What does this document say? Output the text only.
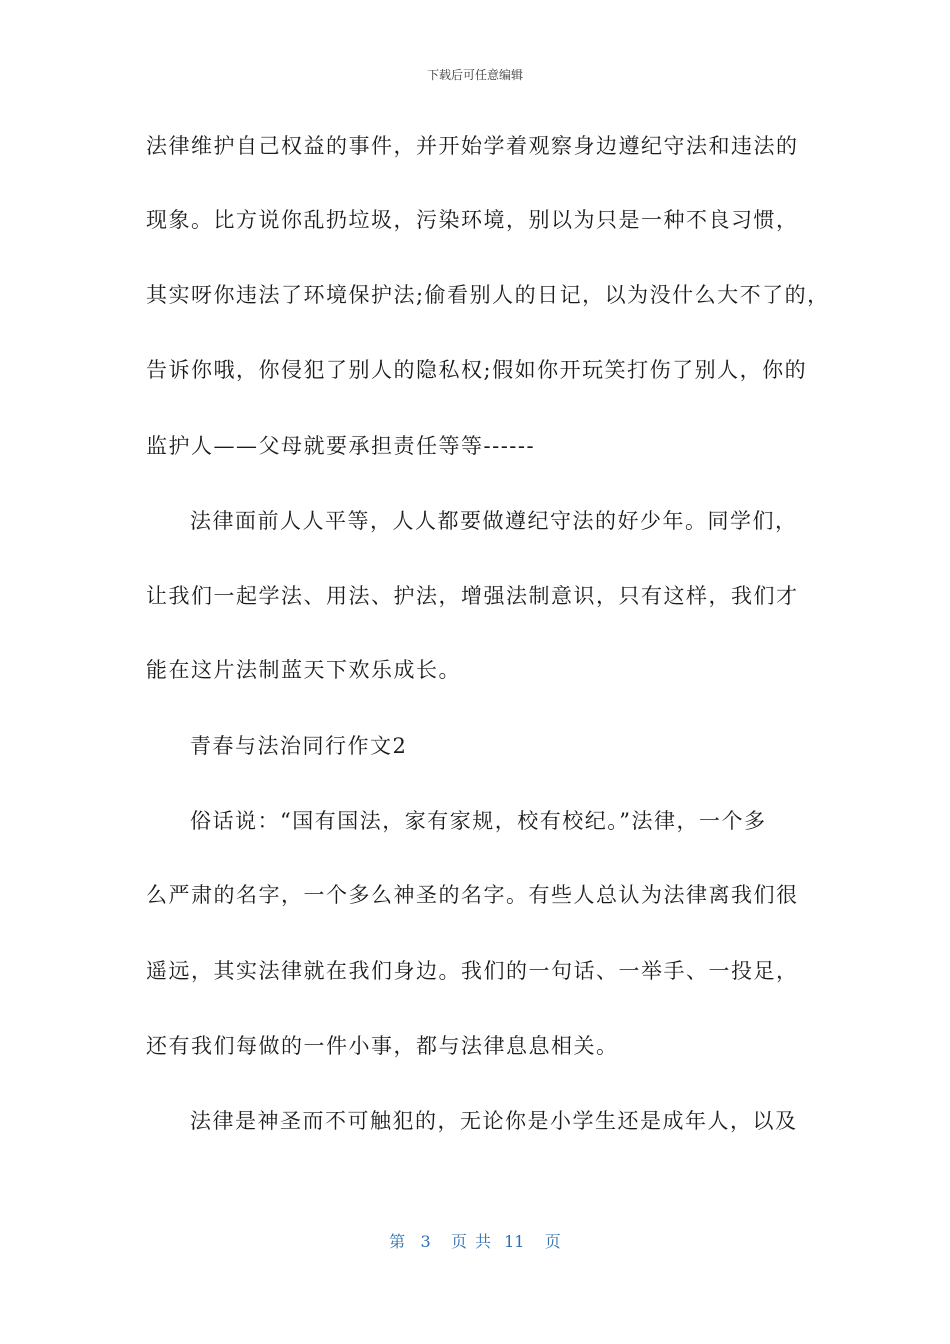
下载后可任意编辑
法律维护自己权益的事件，并开始学着观察身边遵纪守法和违法的
现象。比方说你乱扔垃圾，污染环境，别以为只是一种不良习惯，
其实呀你违法了环境保护法;偷看别人的日记，以为没什么大不了的，
告诉你哦，你侵犯了别人的隐私权;假如你开玩笑打伤了别人，你的
监护人——父母就要承担责任等等------
法律面前人人平等，人人都要做遵纪守法的好少年。同学们，
让我们一起学法、用法、护法，增强法制意识，只有这样，我们才
能在这片法制蓝天下欢乐成长。
青春与法治同行作文2
俗话说：“国有国法，家有家规，校有校纪。”法律，一个多
么严肃的名字，一个多么神圣的名字。有些人总认为法律离我们很
遥远，其实法律就在我们身边。我们的一句话、一举手、一投足，
还有我们每做的一件小事，都与法律息息相关。
法律是神圣而不可触犯的，无论你是小学生还是成年人，以及
第 3 页共 11 页
